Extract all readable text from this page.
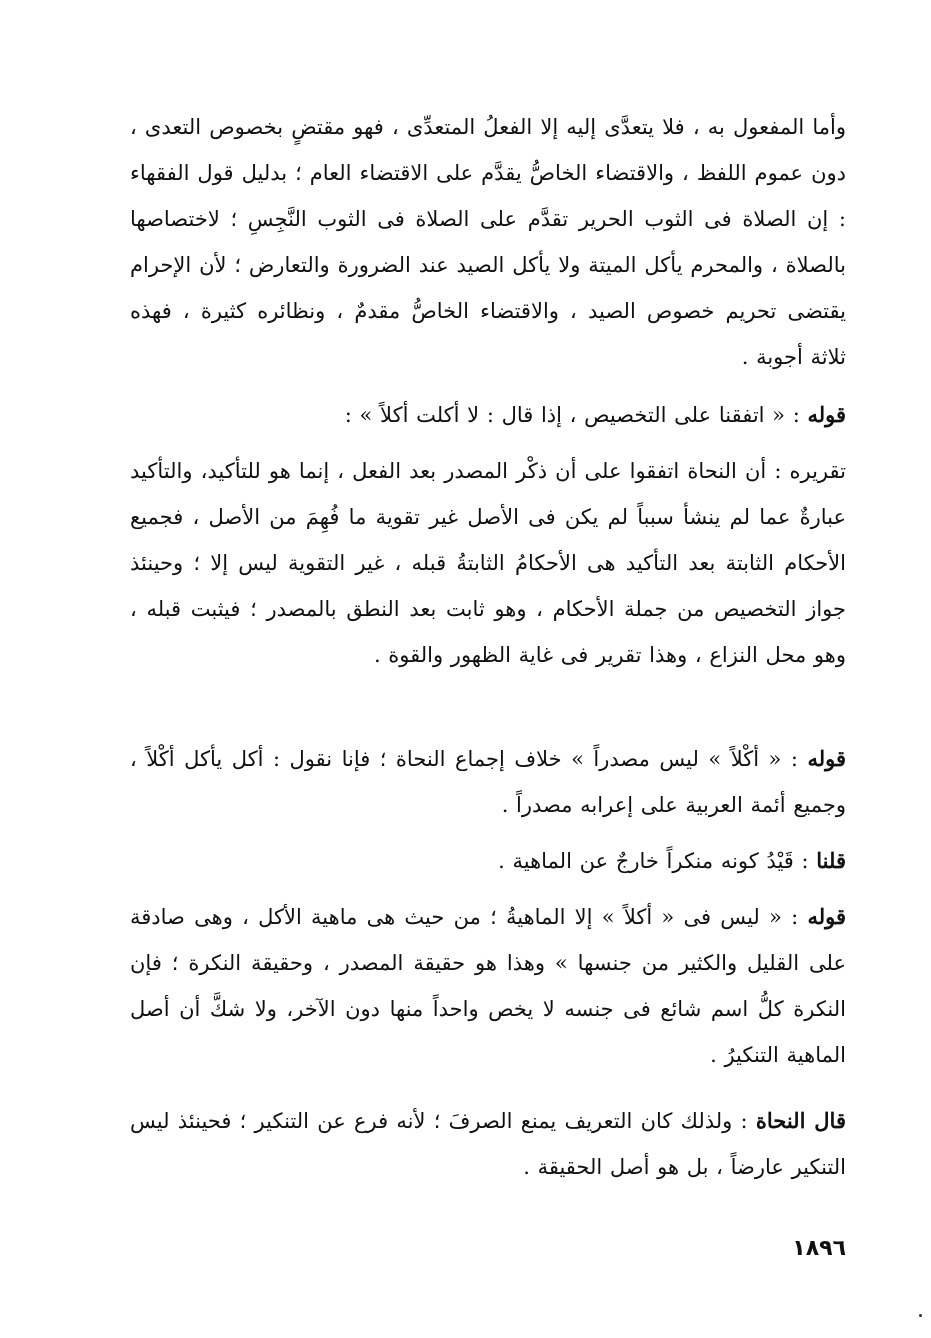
وأما المفعول به ، فلا يتعدَّى إليه إلا الفعلُ المتعدِّى ، فهو مقتضٍ بخصوص التعدى ، دون عموم اللفظ ، والاقتضاء الخاصُّ يقدَّم على الاقتضاء العام ؛ بدليل قول الفقهاء : إن الصلاة فى الثوب الحرير تقدَّم على الصلاة فى الثوب النَّجِسِ ؛ لاختصاصها بالصلاة ، والمحرم يأكل الميتة ولا يأكل الصيد عند الضرورة والتعارض ؛ لأن الإحرام يقتضى تحريم خصوص الصيد ، والاقتضاء الخاصُّ مقدمٌ ، ونظائره كثيرة ، فهذه ثلاثة أجوبة .

قوله : « اتفقنا على التخصيص ، إذا قال : لا أكلت أكلاً » :

تقريره : أن النحاة اتفقوا على أن ذكْر المصدر بعد الفعل ، إنما هو للتأكيد، والتأكيد عبارةٌ عما لم ينشأ سبباً لم يكن فى الأصل غير تقوية ما فُهِمَ من الأصل ، فجميع الأحكام الثابتة بعد التأكيد هى الأحكامُ الثابتةُ قبله ، غير التقوية ليس إلا ؛ وحينئذ جواز التخصيص من جملة الأحكام ، وهو ثابت بعد النطق بالمصدر ؛ فيثبت قبله ، وهو محل النزاع ، وهذا تقرير فى غاية الظهور والقوة .

قوله : « أكْلاً » ليس مصدراً » خلاف إجماع النحاة ؛ فإنا نقول : أكل يأكل أكْلاً ، وجميع أئمة العربية على إعرابه مصدراً .

قلنا : قَيْدُ كونه منكراً خارجٌ عن الماهية .

قوله : « ليس فى « أكلاً » إلا الماهيةُ ؛ من حيث هى ماهية الأكل ، وهى صادقة على القليل والكثير من جنسها » وهذا هو حقيقة المصدر ، وحقيقة النكرة ؛ فإن النكرة كلُّ اسم شائع فى جنسه لا يخص واحداً منها دون الآخر، ولا شكَّ أن أصل الماهية التنكيرُ .

قال النحاة : ولذلك كان التعريف يمنع الصرفَ ؛ لأنه فرع عن التنكير ؛ فحينئذ ليس التنكير عارضاً ، بل هو أصل الحقيقة .

١٨٩٦
